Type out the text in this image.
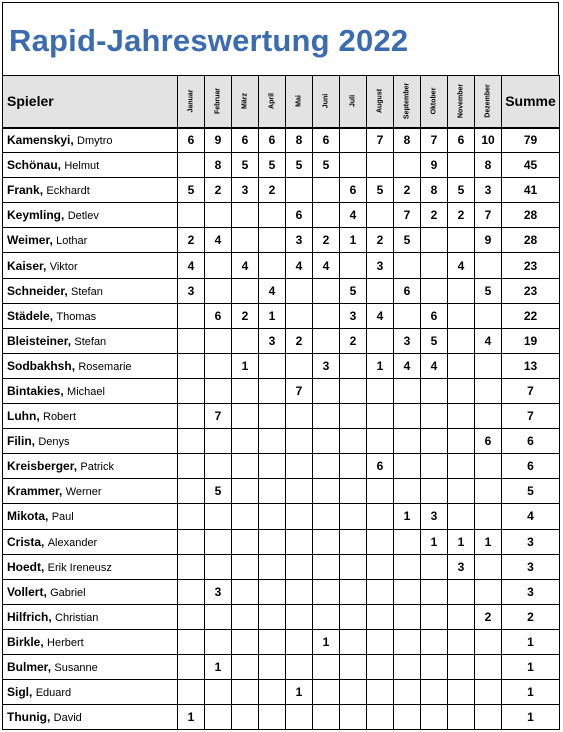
Rapid-Jahreswertung 2022
Spieler	Januar	Februar	März	April	Mai	Juni	Juli	August	September	Oktober	November	Dezember	Summe
Kamenskyi, Dmytro	6	9	6	6	8	6		7	8	7	6	10	79
Schönau, Helmut		8	5	5	5	5				9		8	45
Frank, Eckhardt	5	2	3	2			6	5	2	8	5	3	41
Keymling, Detlev					6		4		7	2	2	7	28
Weimer, Lothar	2	4			3	2	1	2	5			9	28
Kaiser, Viktor	4		4		4	4		3			4		23
Schneider, Stefan	3			4			5		6			5	23
Städele, Thomas		6	2	1			3	4		6			22
Bleisteiner, Stefan				3	2		2		3	5		4	19
Sodbakhsh, Rosemarie			1			3		1	4	4			13
Bintakies, Michael					7								7
Luhn, Robert		7											7
Filin, Denys												6	6
Kreisberger, Patrick								6					6
Krammer, Werner		5											5
Mikota, Paul									1	3			4
Crista, Alexander										1	1	1	3
Hoedt, Erik Ireneusz											3		3
Vollert, Gabriel		3											3
Hilfrich, Christian												2	2
Birkle, Herbert						1							1
Bulmer, Susanne		1											1
Sigl, Eduard					1								1
Thunig, David	1												1
